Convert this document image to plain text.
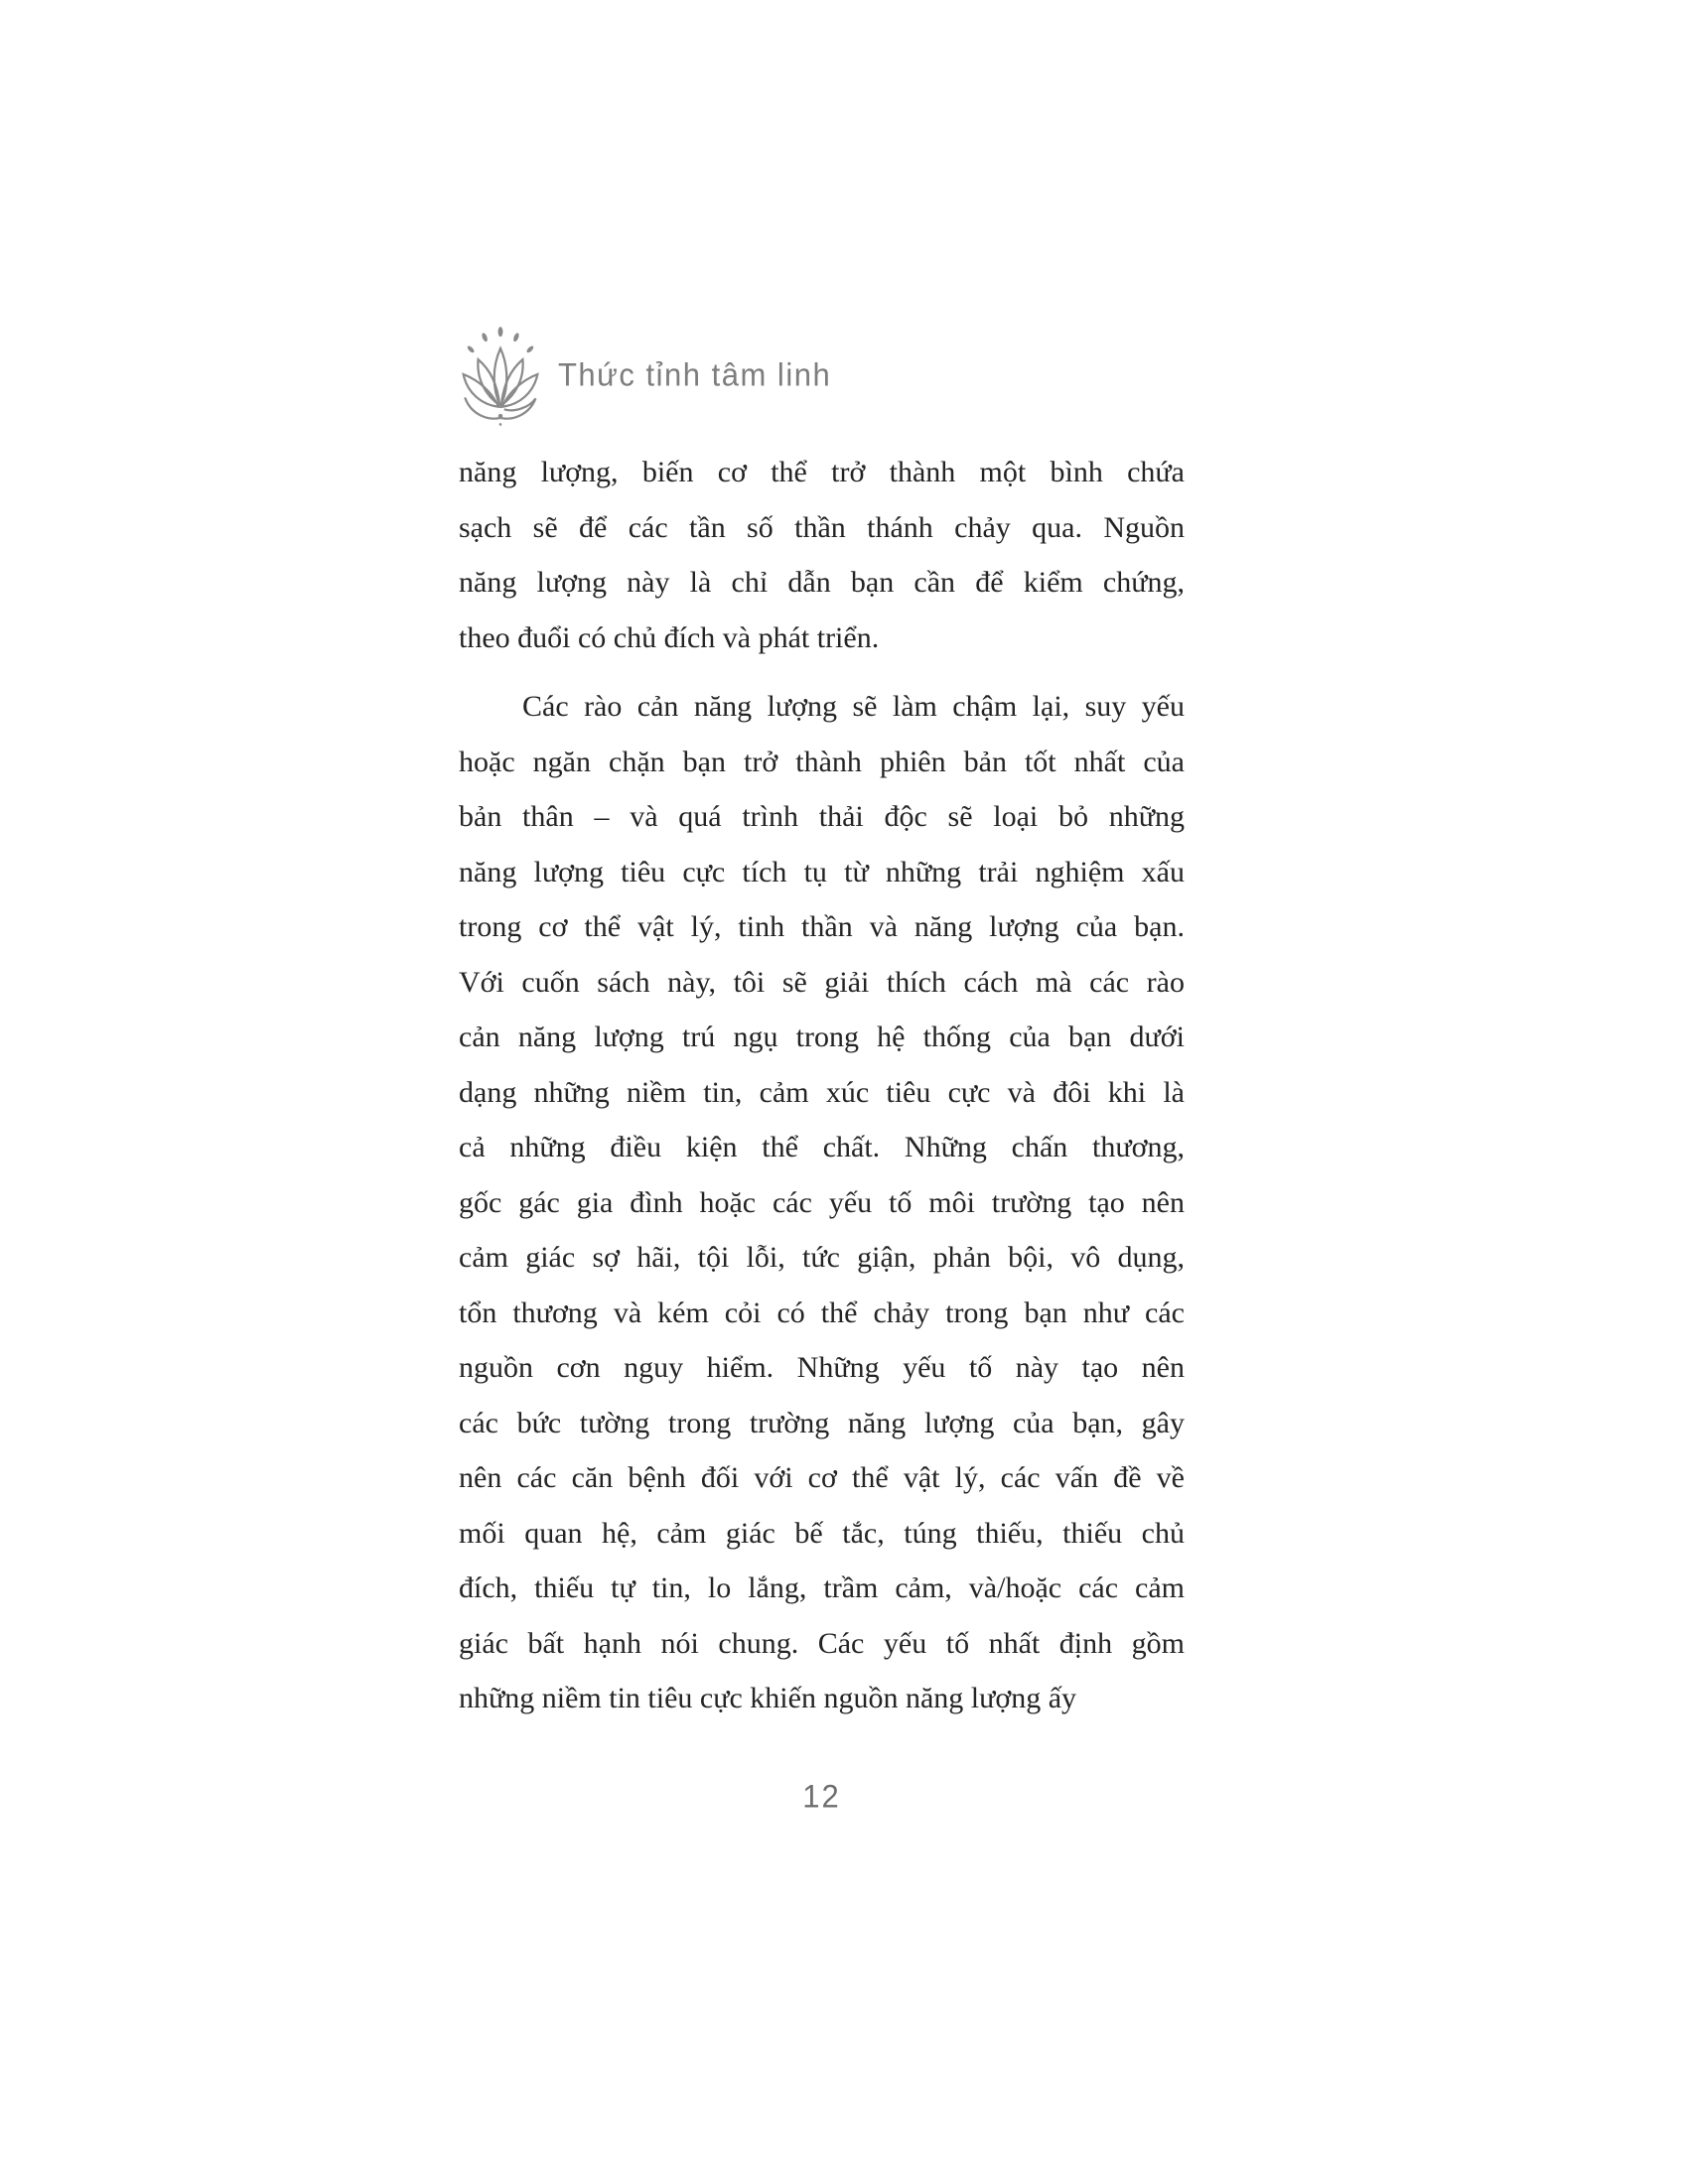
Thức tỉnh tâm linh
năng lượng, biến cơ thể trở thành một bình chứa
sạch sẽ để các tần số thần thánh chảy qua. Nguồn
năng lượng này là chỉ dẫn bạn cần để kiểm chứng,
theo đuổi có chủ đích và phát triển.
Các rào cản năng lượng sẽ làm chậm lại, suy yếu
hoặc ngăn chặn bạn trở thành phiên bản tốt nhất của
bản thân – và quá trình thải độc sẽ loại bỏ những
năng lượng tiêu cực tích tụ từ những trải nghiệm xấu
trong cơ thể vật lý, tinh thần và năng lượng của bạn.
Với cuốn sách này, tôi sẽ giải thích cách mà các rào
cản năng lượng trú ngụ trong hệ thống của bạn dưới
dạng những niềm tin, cảm xúc tiêu cực và đôi khi là
cả những điều kiện thể chất. Những chấn thương,
gốc gác gia đình hoặc các yếu tố môi trường tạo nên
cảm giác sợ hãi, tội lỗi, tức giận, phản bội, vô dụng,
tổn thương và kém cỏi có thể chảy trong bạn như các
nguồn cơn nguy hiểm. Những yếu tố này tạo nên
các bức tường trong trường năng lượng của bạn, gây
nên các căn bệnh đối với cơ thể vật lý, các vấn đề về
mối quan hệ, cảm giác bế tắc, túng thiếu, thiếu chủ
đích, thiếu tự tin, lo lắng, trầm cảm, và/hoặc các cảm
giác bất hạnh nói chung. Các yếu tố nhất định gồm
những niềm tin tiêu cực khiến nguồn năng lượng ấy
12
